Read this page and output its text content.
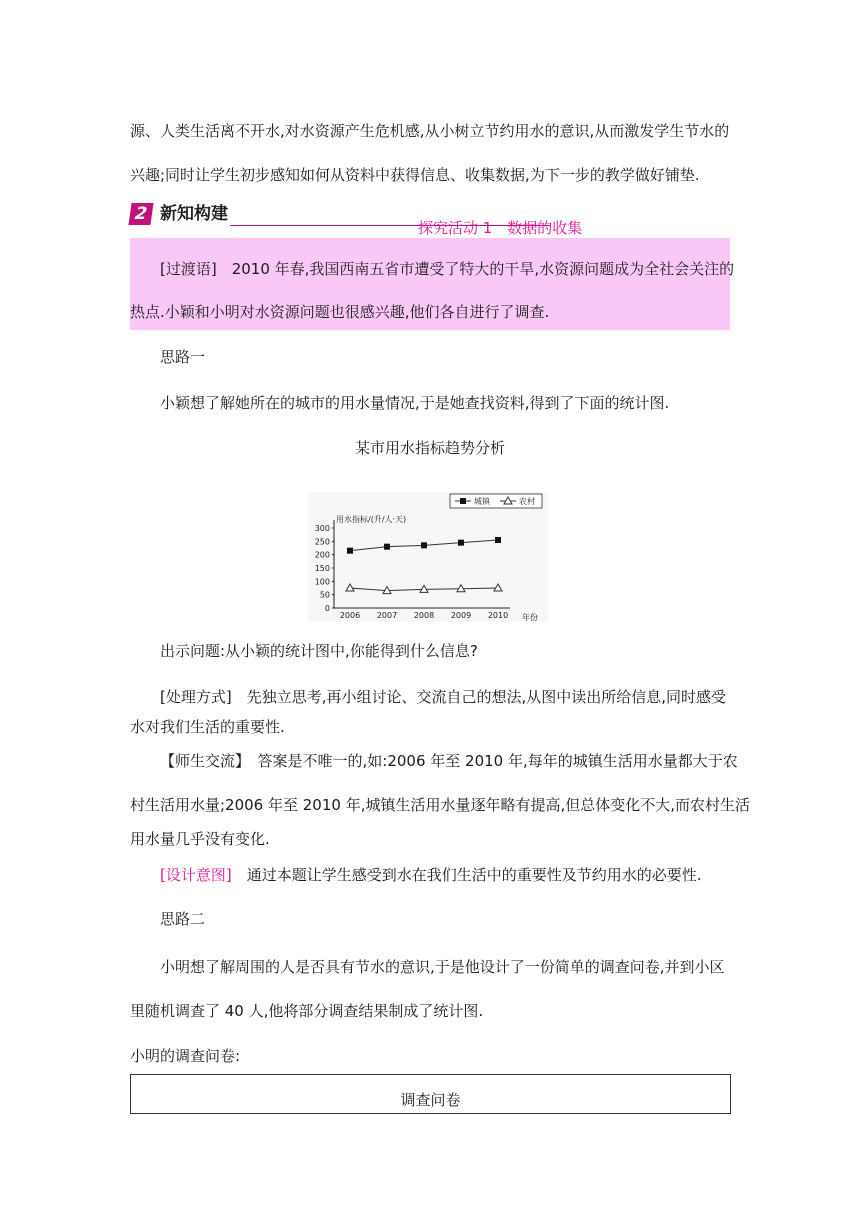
源、人类生活离不开水,对水资源产生危机感,从小树立节约用水的意识,从而激发学生节水的
兴趣;同时让学生初步感知如何从资料中获得信息、收集数据,为下一步的教学做好铺垫.
2 新知构建
探究活动 1　数据的收集
[过渡语]　2010 年春,我国西南五省市遭受了特大的干旱,水资源问题成为全社会关注的
热点.小颖和小明对水资源问题也很感兴趣,他们各自进行了调查.
思路一
小颖想了解她所在的城市的用水量情况,于是她查找资料,得到了下面的统计图.
某市用水指标趋势分析
0
50
100
150
200
250
300
2006 2007 2008 2009 2010 年份
用水指标/(升/人·天)
城镇	农村
出示问题:从小颖的统计图中,你能得到什么信息?
[处理方式]　先独立思考,再小组讨论、交流自己的想法,从图中读出所给信息,同时感受
水对我们生活的重要性.
【师生交流】　答案是不唯一的,如:2006 年至 2010 年,每年的城镇生活用水量都大于农
村生活用水量;2006 年至 2010 年,城镇生活用水量逐年略有提高,但总体变化不大,而农村生活
用水量几乎没有变化.
[设计意图]　通过本题让学生感受到水在我们生活中的重要性及节约用水的必要性.
思路二
小明想了解周围的人是否具有节水的意识,于是他设计了一份简单的调查问卷,并到小区
里随机调查了 40 人,他将部分调查结果制成了统计图.
小明的调查问卷:
调查问卷
